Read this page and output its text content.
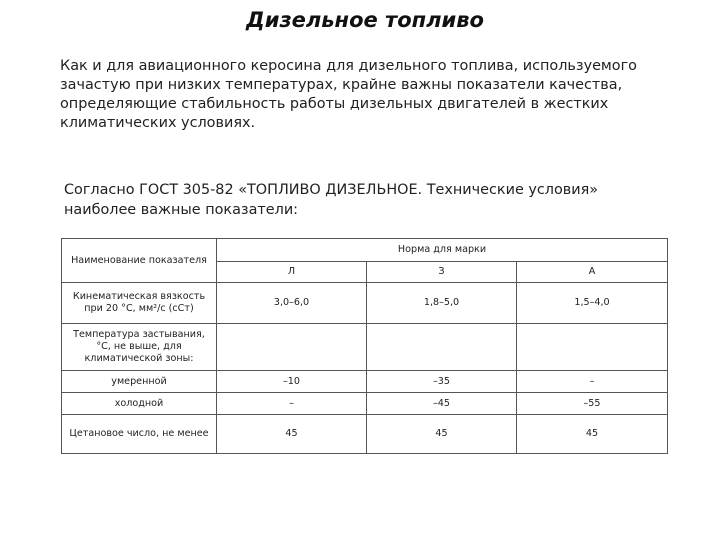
Дизельное топливо
Как и для авиационного керосина для дизельного топлива, используемого зачастую при низких температурах, крайне важны показатели качества, определяющие стабильность работы дизельных двигателей в жестких климатических условиях.
Согласно ГОСТ 305-82 «ТОПЛИВО ДИЗЕЛЬНОЕ. Технические условия»
наиболее важные показатели:
Наименование показателя	Норма для марки		
	Л	З	А
Кинематическая вязкость при 20 °С, мм²/с (сСт)	3,0–6,0	1,8–5,0	1,5–4,0
Температура застывания, °С, не выше, для климатической зоны:			
умеренной	–10	–35	–
холодной	–	–45	–55
Цетановое число, не менее	45	45	45
